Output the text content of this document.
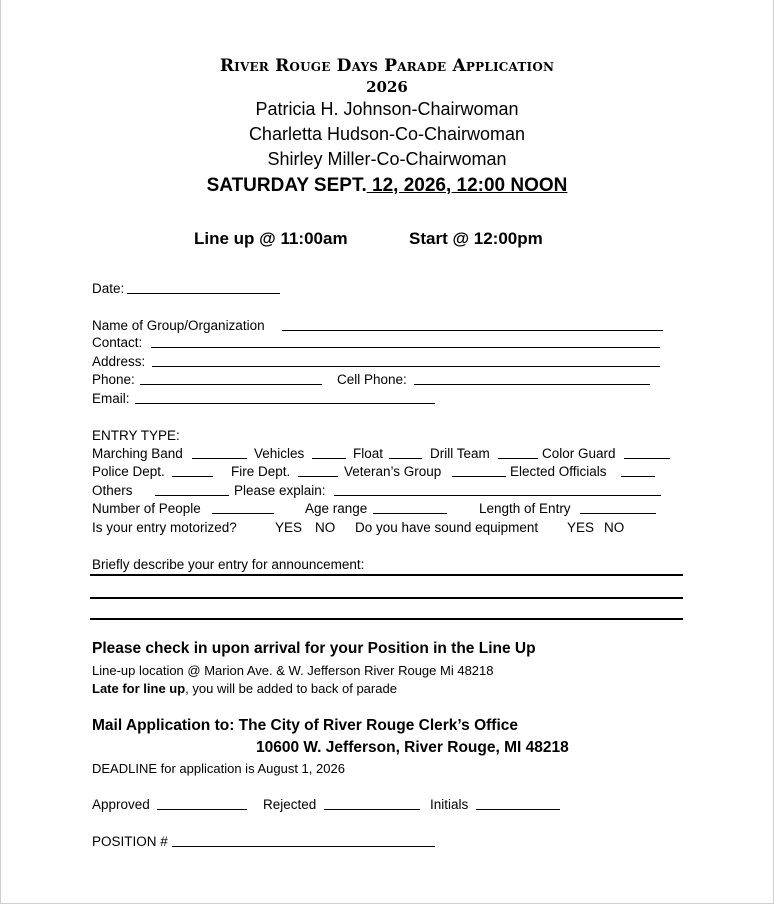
River Rouge Days Parade Application
2026
Patricia H. Johnson-Chairwoman
Charletta Hudson-Co-Chairwoman
Shirley Miller-Co-Chairwoman
SATURDAY SEPT. 12, 2026, 12:00 NOON
Line up @ 11:00am	Start @ 12:00pm
Date:
Name of Group/Organization
Contact:
Address:
Phone:	Cell Phone:
Email:
ENTRY TYPE:
Marching Band	Vehicles	Float	Drill Team	Color Guard
Police Dept.	Fire Dept.	Veteran’s Group	Elected Officials
Others	Please explain:
Number of People	Age range	Length of Entry
Is your entry motorized?	YES NO Do you have sound equipment YES NO
Briefly describe your entry for announcement:
Please check in upon arrival for your Position in the Line Up
Line-up location @ Marion Ave. & W. Jefferson River Rouge Mi 48218
Late for line up, you will be added to back of parade
Mail Application to: The City of River Rouge Clerk’s Office
10600 W. Jefferson, River Rouge, MI 48218
DEADLINE for application is August 1, 2026
Approved	Rejected	Initials
POSITION #
